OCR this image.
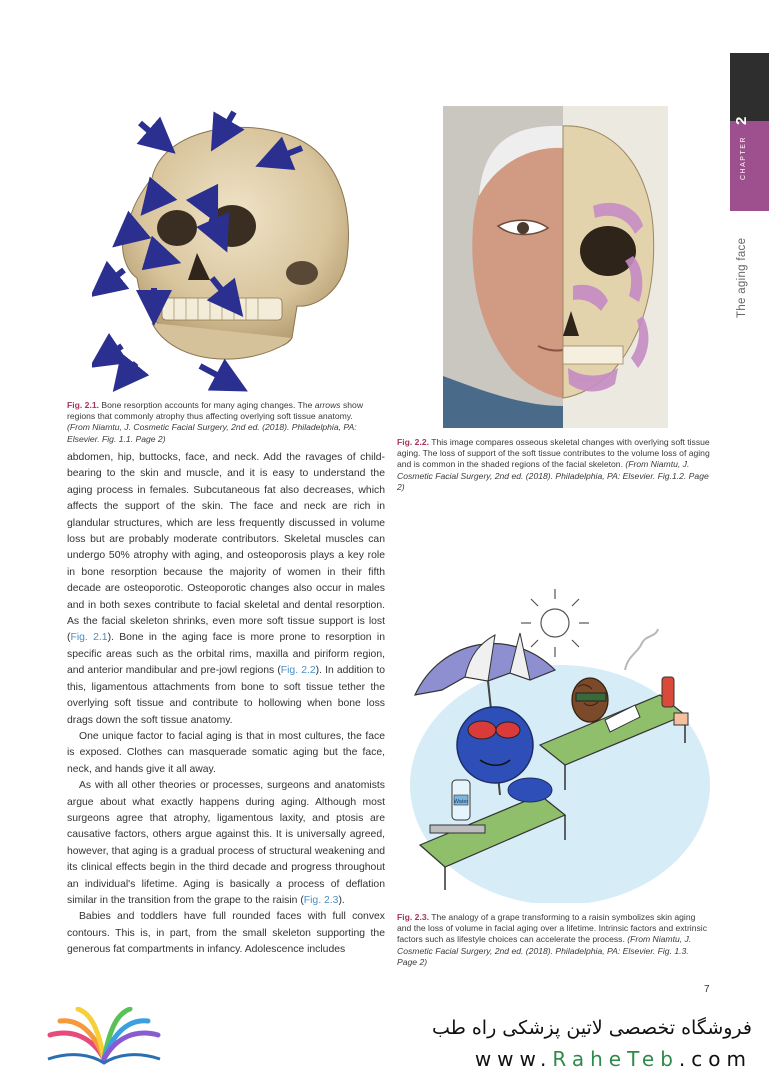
2
CHAPTER
The aging face
Fig. 2.1. Bone resorption accounts for many aging changes. The arrows show regions that commonly atrophy thus affecting overlying soft tissue anatomy. (From Niamtu, J. Cosmetic Facial Surgery, 2nd ed. (2018). Philadelphia, PA: Elsevier. Fig. 1.1. Page 2)	Fig. 2.2. This image compares osseous skeletal changes with overlying soft tissue aging. The loss of support of the soft tissue contributes to the volume loss of aging and is common in the shaded regions of the facial skeleton. (From Niamtu, J. Cosmetic Facial Surgery, 2nd ed. (2018). Philadelphia, PA: Elsevier. Fig.1.2. Page 2)

abdomen, hip, buttocks, face, and neck. Add the ravages of child-bearing to the skin and muscle, and it is easy to understand the aging process in females. Subcutaneous fat also decreases, which affects the support of the skin. The face and neck are rich in glandular structures, which are less frequently discussed in volume loss but are probably moderate contributors. Skeletal muscles can undergo 50% atrophy with aging, and osteoporosis plays a key role in bone resorption because the majority of women in their fifth decade are osteoporotic. Osteoporotic changes also occur in males and in both sexes contribute to facial skeletal and dental resorption. As the facial skeleton shrinks, even more soft tissue support is lost (Fig. 2.1). Bone in the aging face is more prone to resorption in specific areas such as the orbital rims, maxilla and piriform region, and anterior mandibular and pre-jowl regions (Fig. 2.2). In addition to this, ligamentous attachments from bone to soft tissue tether the overlying soft tissue and contribute to hollowing when bone loss drags down the soft tissue anatomy.

One unique factor to facial aging is that in most cultures, the face is exposed. Clothes can masquerade somatic aging but the face, neck, and hands give it all away.

As with all other theories or processes, surgeons and anatomists argue about what exactly happens during aging. Although most surgeons agree that atrophy, ligamentous laxity, and ptosis are causative factors, others argue against this. It is universally agreed, however, that aging is a gradual process of structural weakening and its clinical effects begin in the third decade and progress throughout an individual's lifetime. Aging is basically a process of deflation similar in the transition from the grape to the raisin (Fig. 2.3).

Babies and toddlers have full rounded faces with full convex contours. This is, in part, from the small skeleton supporting the generous fat compartments in infancy. Adolescence includes

Water
Fig. 2.3. The analogy of a grape transforming to a raisin symbolizes skin aging and the loss of volume in facial aging over a lifetime. Intrinsic factors and extrinsic factors such as lifestyle choices can accelerate the process. (From Niamtu, J. Cosmetic Facial Surgery, 2nd ed. (2018). Philadelphia, PA: Elsevier. Fig. 1.3. Page 2)
7
فروشگاه تخصصی لاتین پزشکی راه طب
www.RaheTeb.com
